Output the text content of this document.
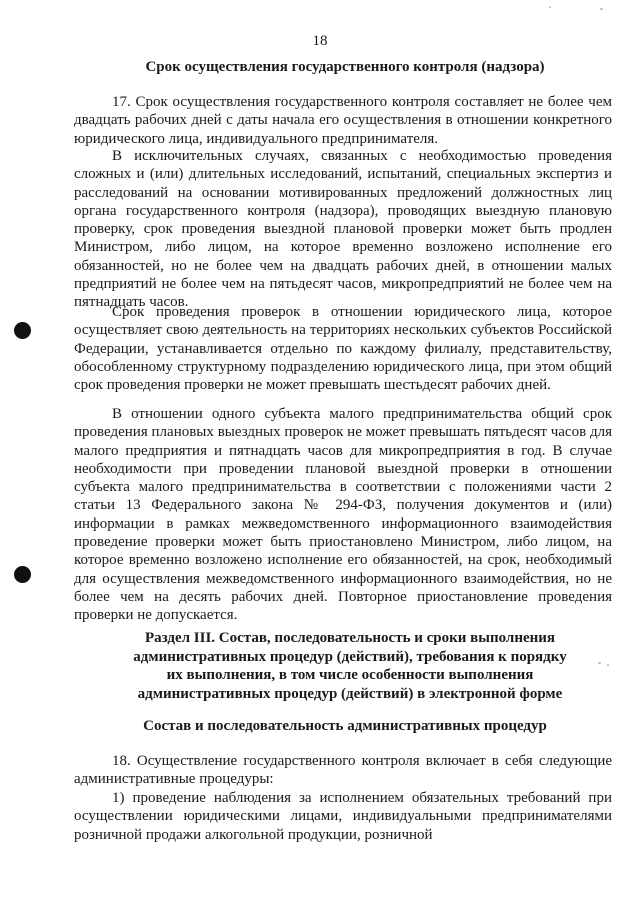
18
Срок осуществления государственного контроля (надзора)

17. Срок осуществления государственного контроля составляет не более чем двадцать рабочих дней с даты начала его осуществления в отношении конкретного юридического лица, индивидуального предпринимателя.

В исключительных случаях, связанных с необходимостью проведения сложных и (или) длительных исследований, испытаний, специальных экспертиз и расследований на основании мотивированных предложений должностных лиц органа государственного контроля (надзора), проводящих выездную плановую проверку, срок проведения выездной плановой проверки может быть продлен Министром, либо лицом, на которое временно возложено исполнение его обязанностей, но не более чем на двадцать рабочих дней, в отношении малых предприятий не более чем на пятьдесят часов, микропредприятий не более чем на пятнадцать часов.

Срок проведения проверок в отношении юридического лица, которое осуществляет свою деятельность на территориях нескольких субъектов Российской Федерации, устанавливается отдельно по каждому филиалу, представительству, обособленному структурному подразделению юридического лица, при этом общий срок проведения проверки не может превышать шестьдесят рабочих дней.

В отношении одного субъекта малого предпринимательства общий срок проведения плановых выездных проверок не может превышать пятьдесят часов для малого предприятия и пятнадцать часов для микропредприятия в год. В случае необходимости при проведении плановой выездной проверки в отношении субъекта малого предпринимательства в соответствии с положениями части 2 статьи 13 Федерального закона № 294-ФЗ, получения документов и (или) информации в рамках межведомственного информационного взаимодействия проведение проверки может быть приостановлено Министром, либо лицом, на которое временно возложено исполнение его обязанностей, на срок, необходимый для осуществления межведомственного информационного взаимодействия, но не более чем на десять рабочих дней. Повторное приостановление проведения проверки не допускается.

Раздел III. Состав, последовательность и сроки выполнения
административных процедур (действий), требования к порядку
их выполнения, в том числе особенности выполнения
административных процедур (действий) в электронной форме
Состав и последовательность административных процедур

18. Осуществление государственного контроля включает в себя следующие административные процедуры:

1) проведение наблюдения за исполнением обязательных требований при осуществлении юридическими лицами, индивидуальными предпринимателями розничной продажи алкогольной продукции, розничной
